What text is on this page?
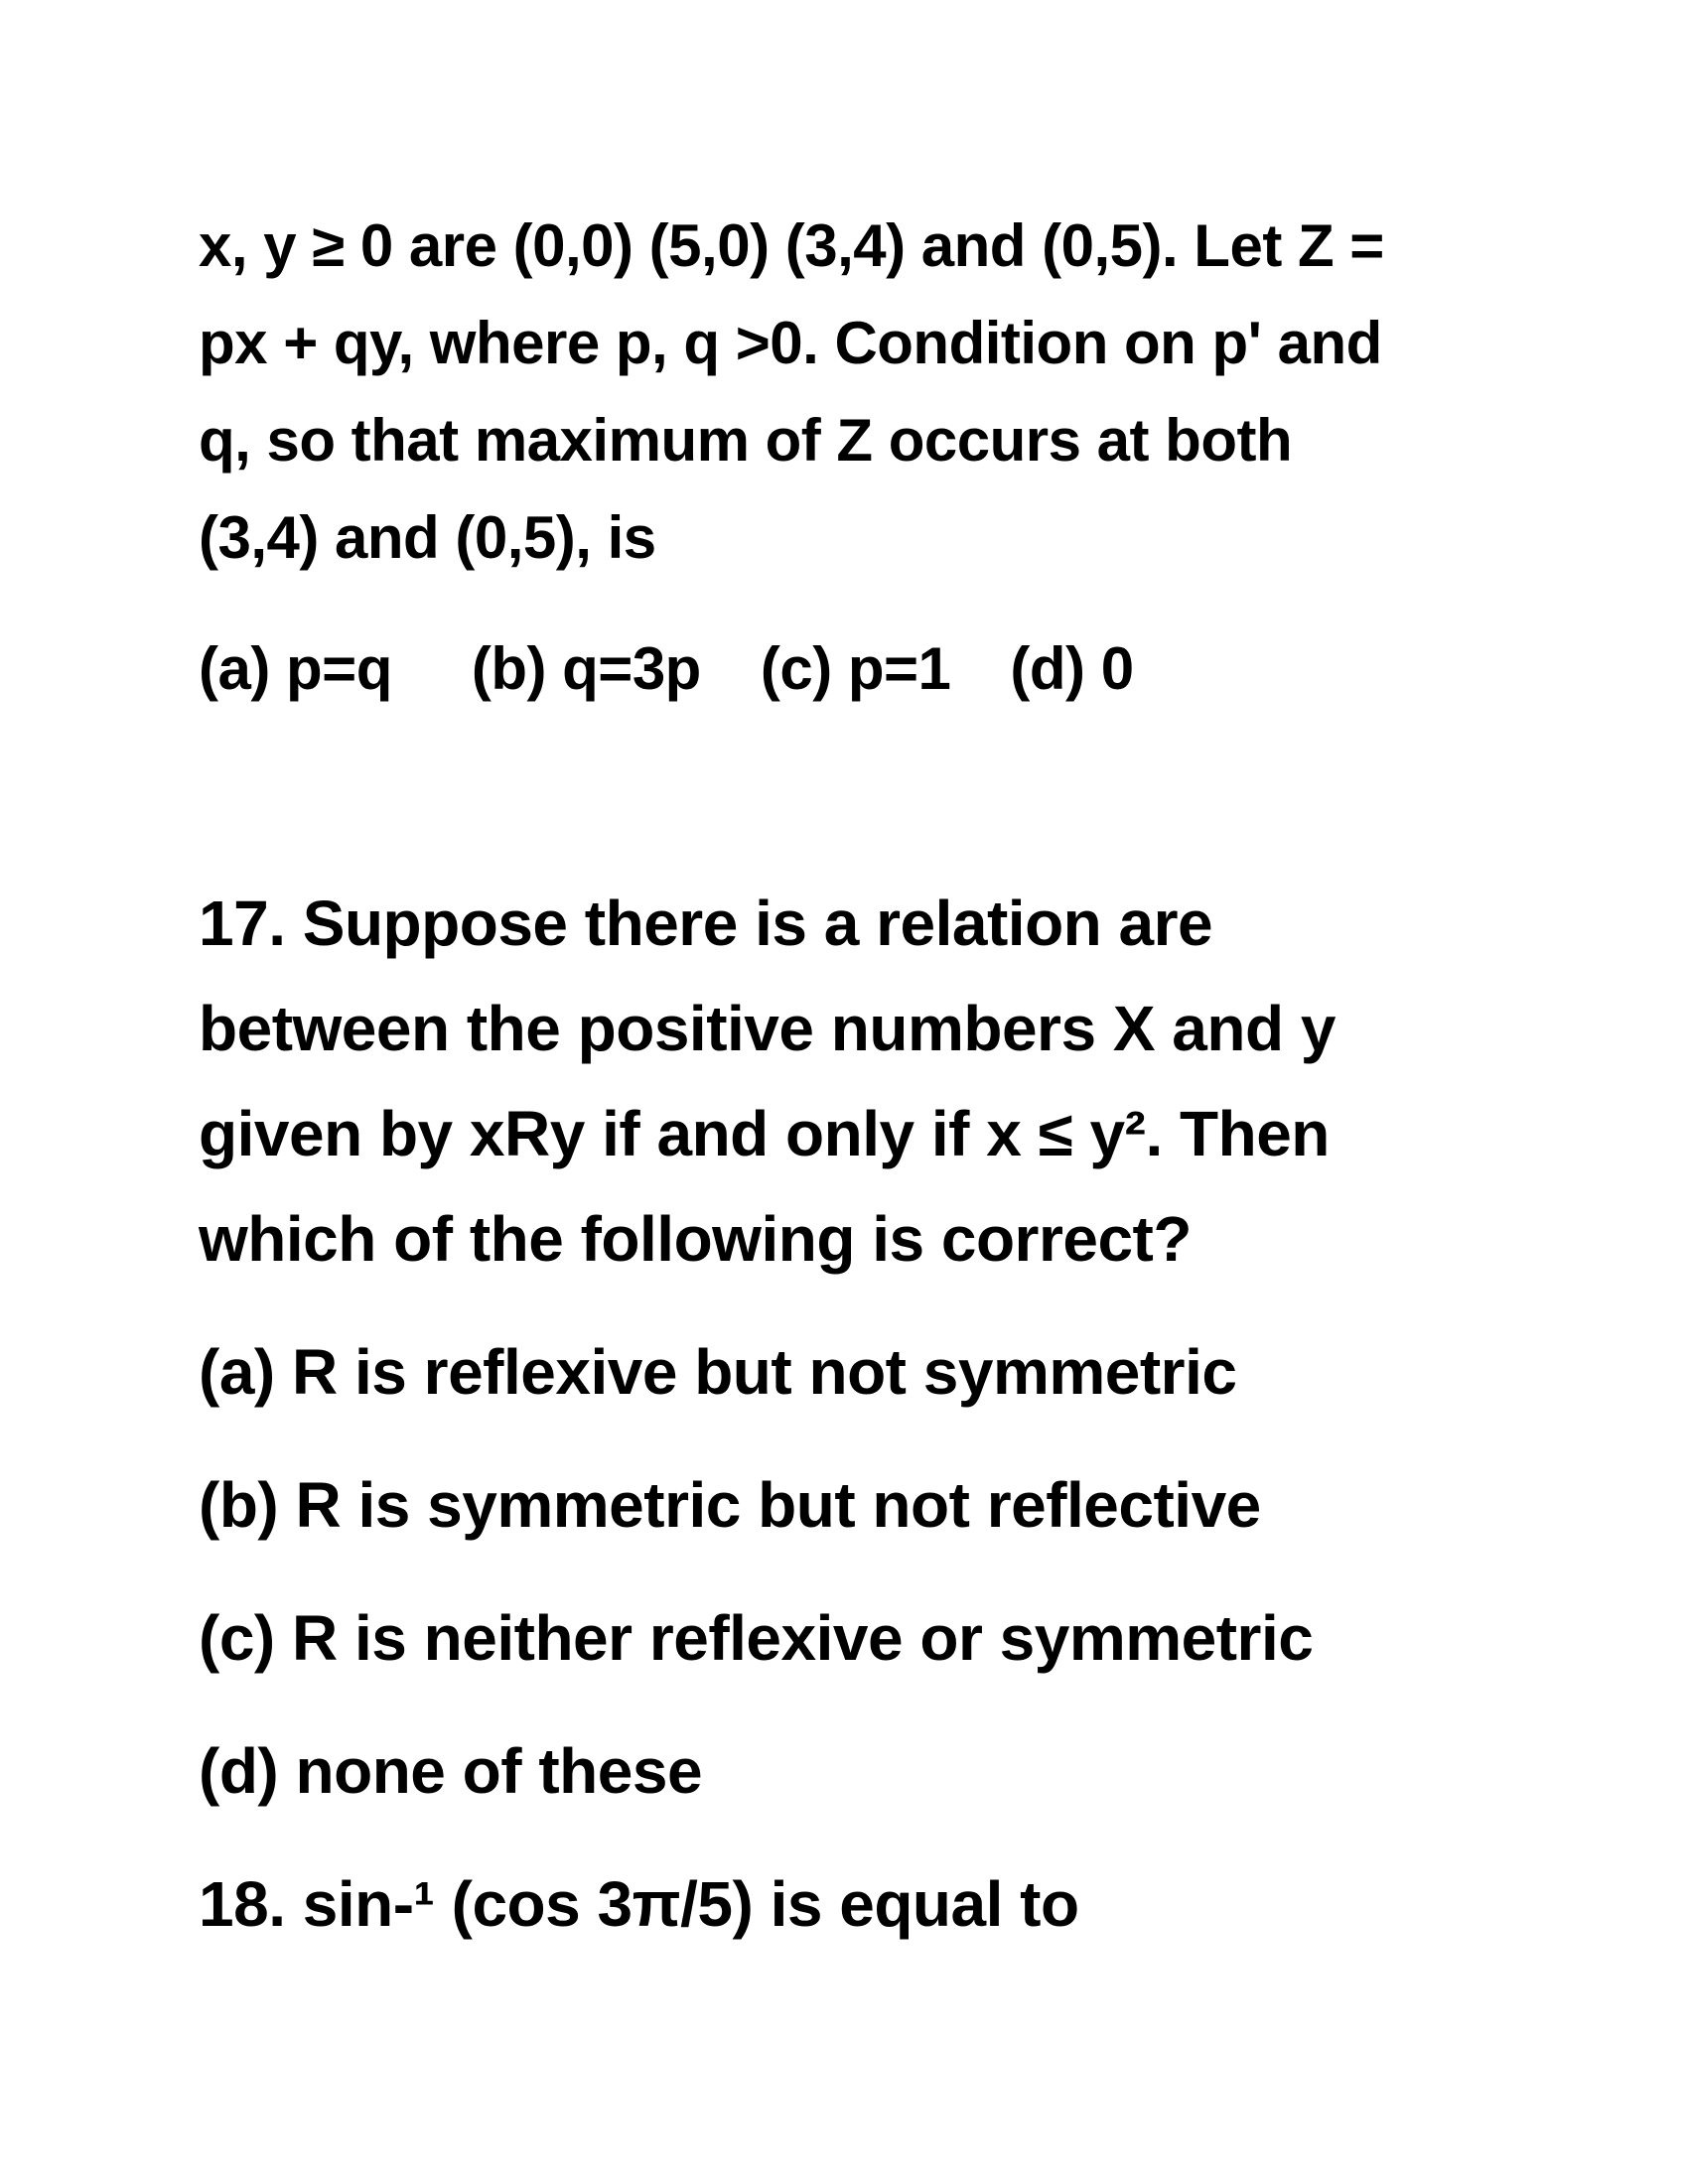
x, y ≥ 0 are (0,0) (5,0) (3,4) and (0,5). Let Z =
px + qy, where p, q >0. Condition on p' and
q, so that maximum of Z occurs at both
(3,4) and (0,5), is
(a) p=q (b) q=3p (c) p=1 (d) 0
17. Suppose there is a relation are
between the positive numbers X and y
given by xRy if and only if x ≤ y². Then
which of the following is correct?
(a) R is reflexive but not symmetric
(b) R is symmetric but not reflective
(c) R is neither reflexive or symmetric
(d) none of these
18. sin-¹ (cos 3π/5) is equal to
